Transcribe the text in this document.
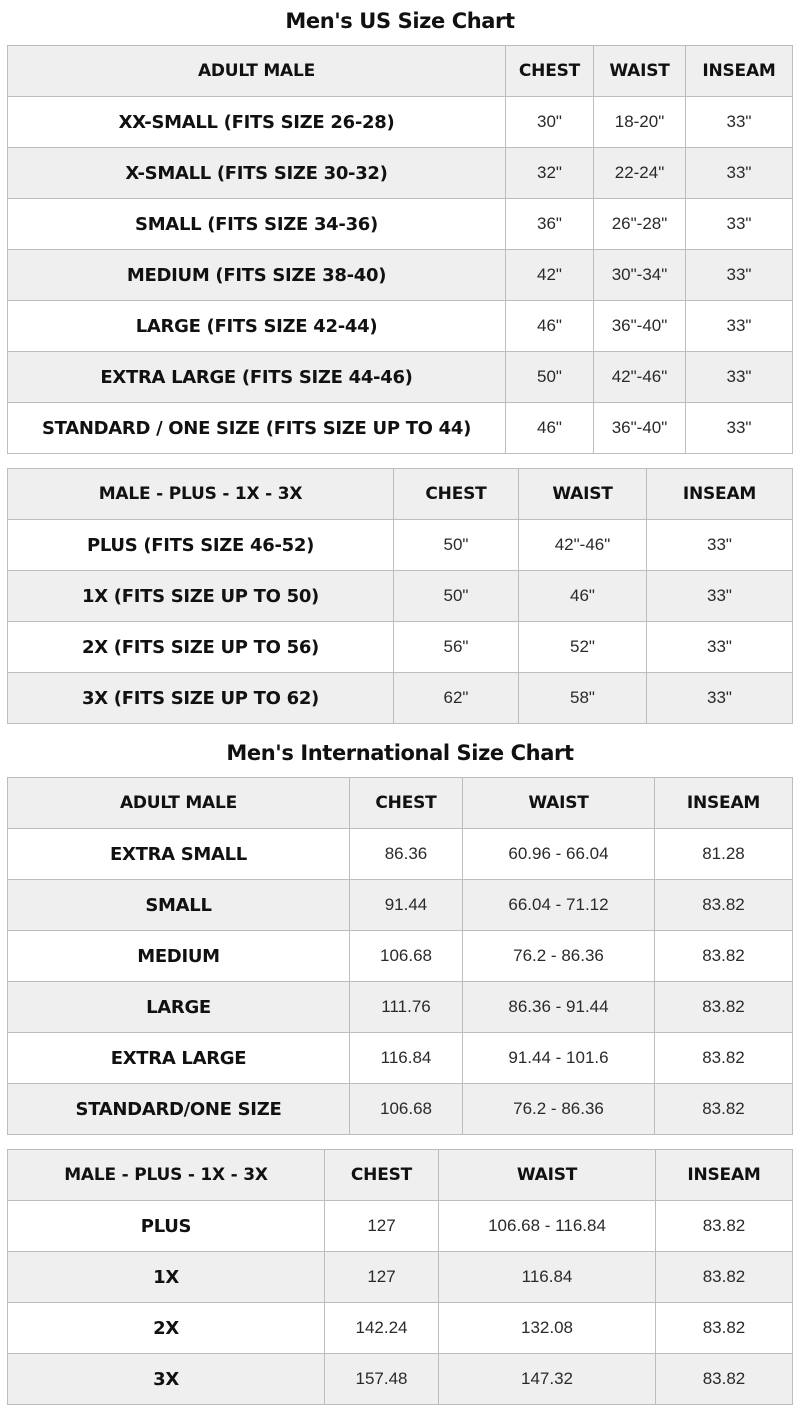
Men's US Size Chart
ADULT MALE	CHEST	WAIST	INSEAM
XX-SMALL (FITS SIZE 26-28)	30"	18-20"	33"
X-SMALL (FITS SIZE 30-32)	32"	22-24"	33"
SMALL (FITS SIZE 34-36)	36"	26"-28"	33"
MEDIUM (FITS SIZE 38-40)	42"	30"-34"	33"
LARGE (FITS SIZE 42-44)	46"	36"-40"	33"
EXTRA LARGE (FITS SIZE 44-46)	50"	42"-46"	33"
STANDARD / ONE SIZE (FITS SIZE UP TO 44)	46"	36"-40"	33"
MALE - PLUS - 1X - 3X	CHEST	WAIST	INSEAM
PLUS (FITS SIZE 46-52)	50"	42"-46"	33"
1X (FITS SIZE UP TO 50)	50"	46"	33"
2X (FITS SIZE UP TO 56)	56"	52"	33"
3X (FITS SIZE UP TO 62)	62"	58"	33"
Men's International Size Chart
ADULT MALE	CHEST	WAIST	INSEAM
EXTRA SMALL	86.36	60.96 - 66.04	81.28
SMALL	91.44	66.04 - 71.12	83.82
MEDIUM	106.68	76.2 - 86.36	83.82
LARGE	111.76	86.36 - 91.44	83.82
EXTRA LARGE	116.84	91.44 - 101.6	83.82
STANDARD/ONE SIZE	106.68	76.2 - 86.36	83.82
MALE - PLUS - 1X - 3X	CHEST	WAIST	INSEAM
PLUS	127	106.68 - 116.84	83.82
1X	127	116.84	83.82
2X	142.24	132.08	83.82
3X	157.48	147.32	83.82
